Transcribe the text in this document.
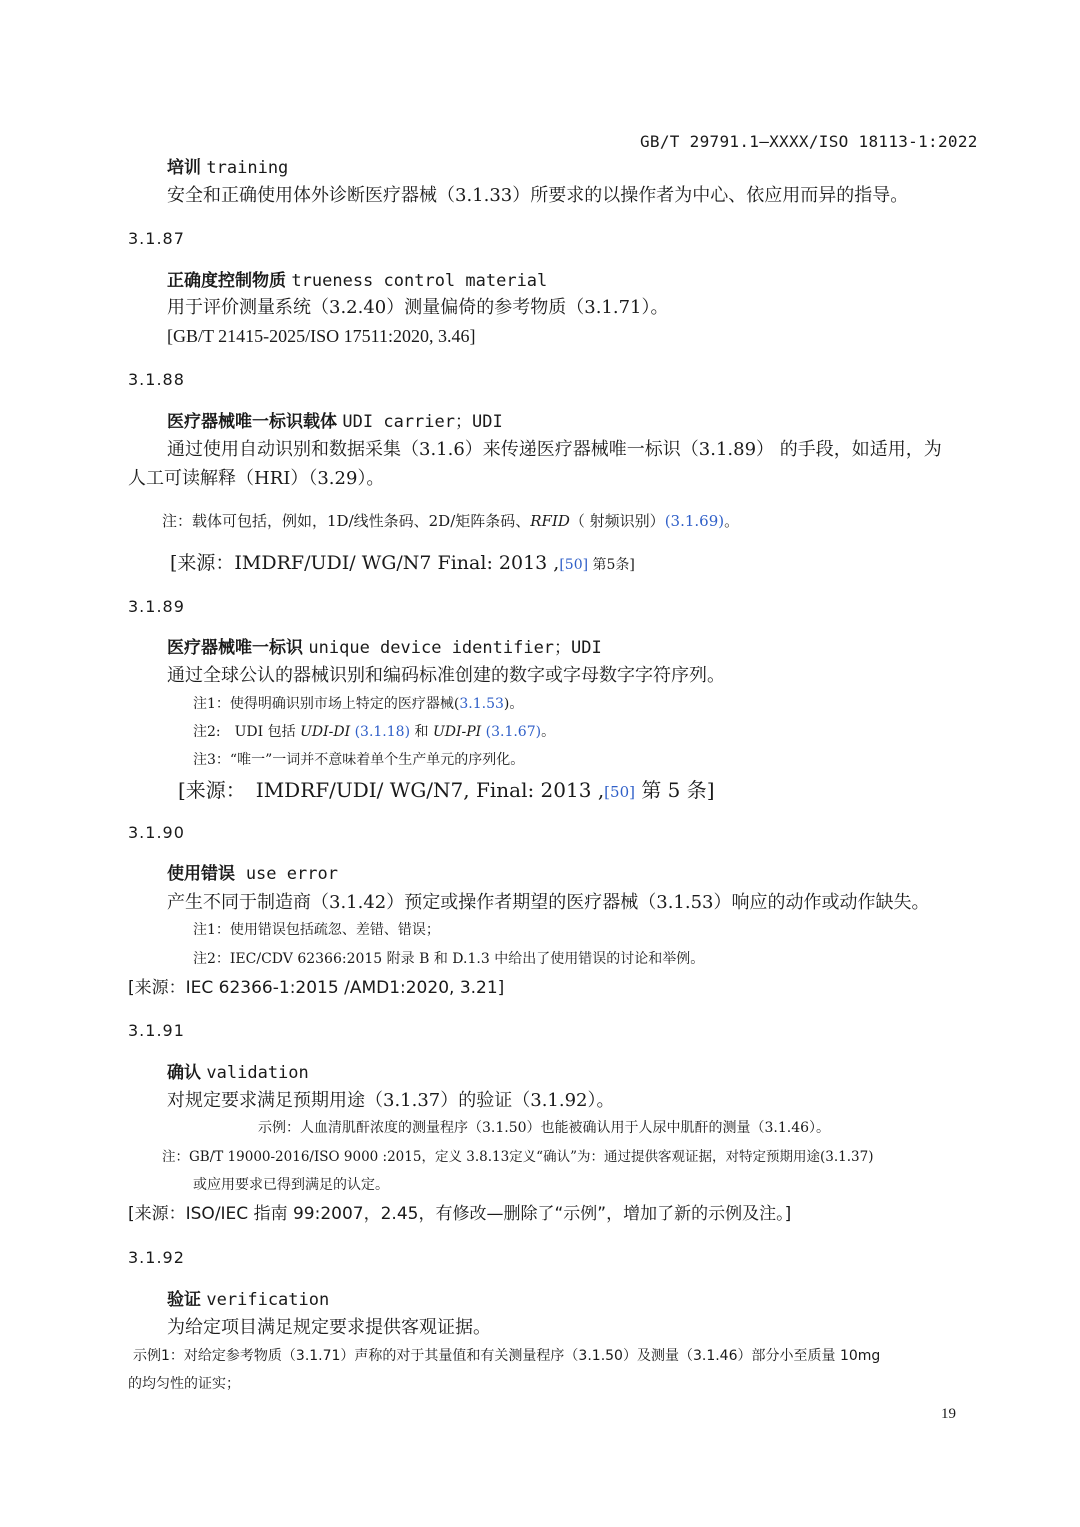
GB/T 29791.1—XXXX/ISO 18113-1:2022
培训 training
安全和正确使用体外诊断医疗器械（3.1.33）所要求的以操作者为中心、依应用而异的指导。
3.1.87
正确度控制物质 trueness control material
用于评价测量系统（3.2.40）测量偏倚的参考物质（3.1.71）。
[GB/T 21415-2025/ISO 17511:2020, 3.46]
3.1.88
医疗器械唯一标识载体 UDI carrier；UDI
通过使用自动识别和数据采集（3.1.6）来传递医疗器械唯一标识（3.1.89） 的手段，如适用，为
人工可读解释（HRI）（3.29）。
注：载体可包括，例如，1D/线性条码、2D/矩阵条码、RFID（ 射频识别）(3.1.69)。
[来源：IMDRF/UDI/ WG/N7 Final: 2013 ,[50] 第5条]
3.1.89
医疗器械唯一标识 unique device identifier；UDI
通过全球公认的器械识别和编码标准创建的数字或字母数字字符序列。
注1：使得明确识别市场上特定的医疗器械(3.1.53)。
注2:　UDI 包括 UDI-DI (3.1.18) 和 UDI-PI (3.1.67)。
注3：“唯一”一词并不意味着单个生产单元的序列化。
[来源：　IMDRF/UDI/ WG/N7, Final: 2013 ,[50] 第 5 条]
3.1.90
使用错误 use error
产生不同于制造商（3.1.42）预定或操作者期望的医疗器械（3.1.53）响应的动作或动作缺失。
注1：使用错误包括疏忽、差错、错误；
注2：IEC/CDV 62366:2015 附录 B 和 D.1.3 中给出了使用错误的讨论和举例。
[来源：IEC 62366-1:2015 /AMD1:2020, 3.21]
3.1.91
确认 validation
对规定要求满足预期用途（3.1.37）的验证（3.1.92）。
示例：人血清肌酐浓度的测量程序（3.1.50）也能被确认用于人尿中肌酐的测量（3.1.46）。
注：GB/T 19000-2016/ISO 9000 :2015，定义 3.8.13定义“确认”为：通过提供客观证据，对特定预期用途(3.1.37)
或应用要求已得到满足的认定。
[来源：ISO/IEC 指南 99:2007，2.45，有修改—删除了“示例”，增加了新的示例及注。]
3.1.92
验证 verification
为给定项目满足规定要求提供客观证据。
示例1：对给定参考物质（3.1.71）声称的对于其量值和有关测量程序（3.1.50）及测量（3.1.46）部分小至质量 10mg
的均匀性的证实；
19
